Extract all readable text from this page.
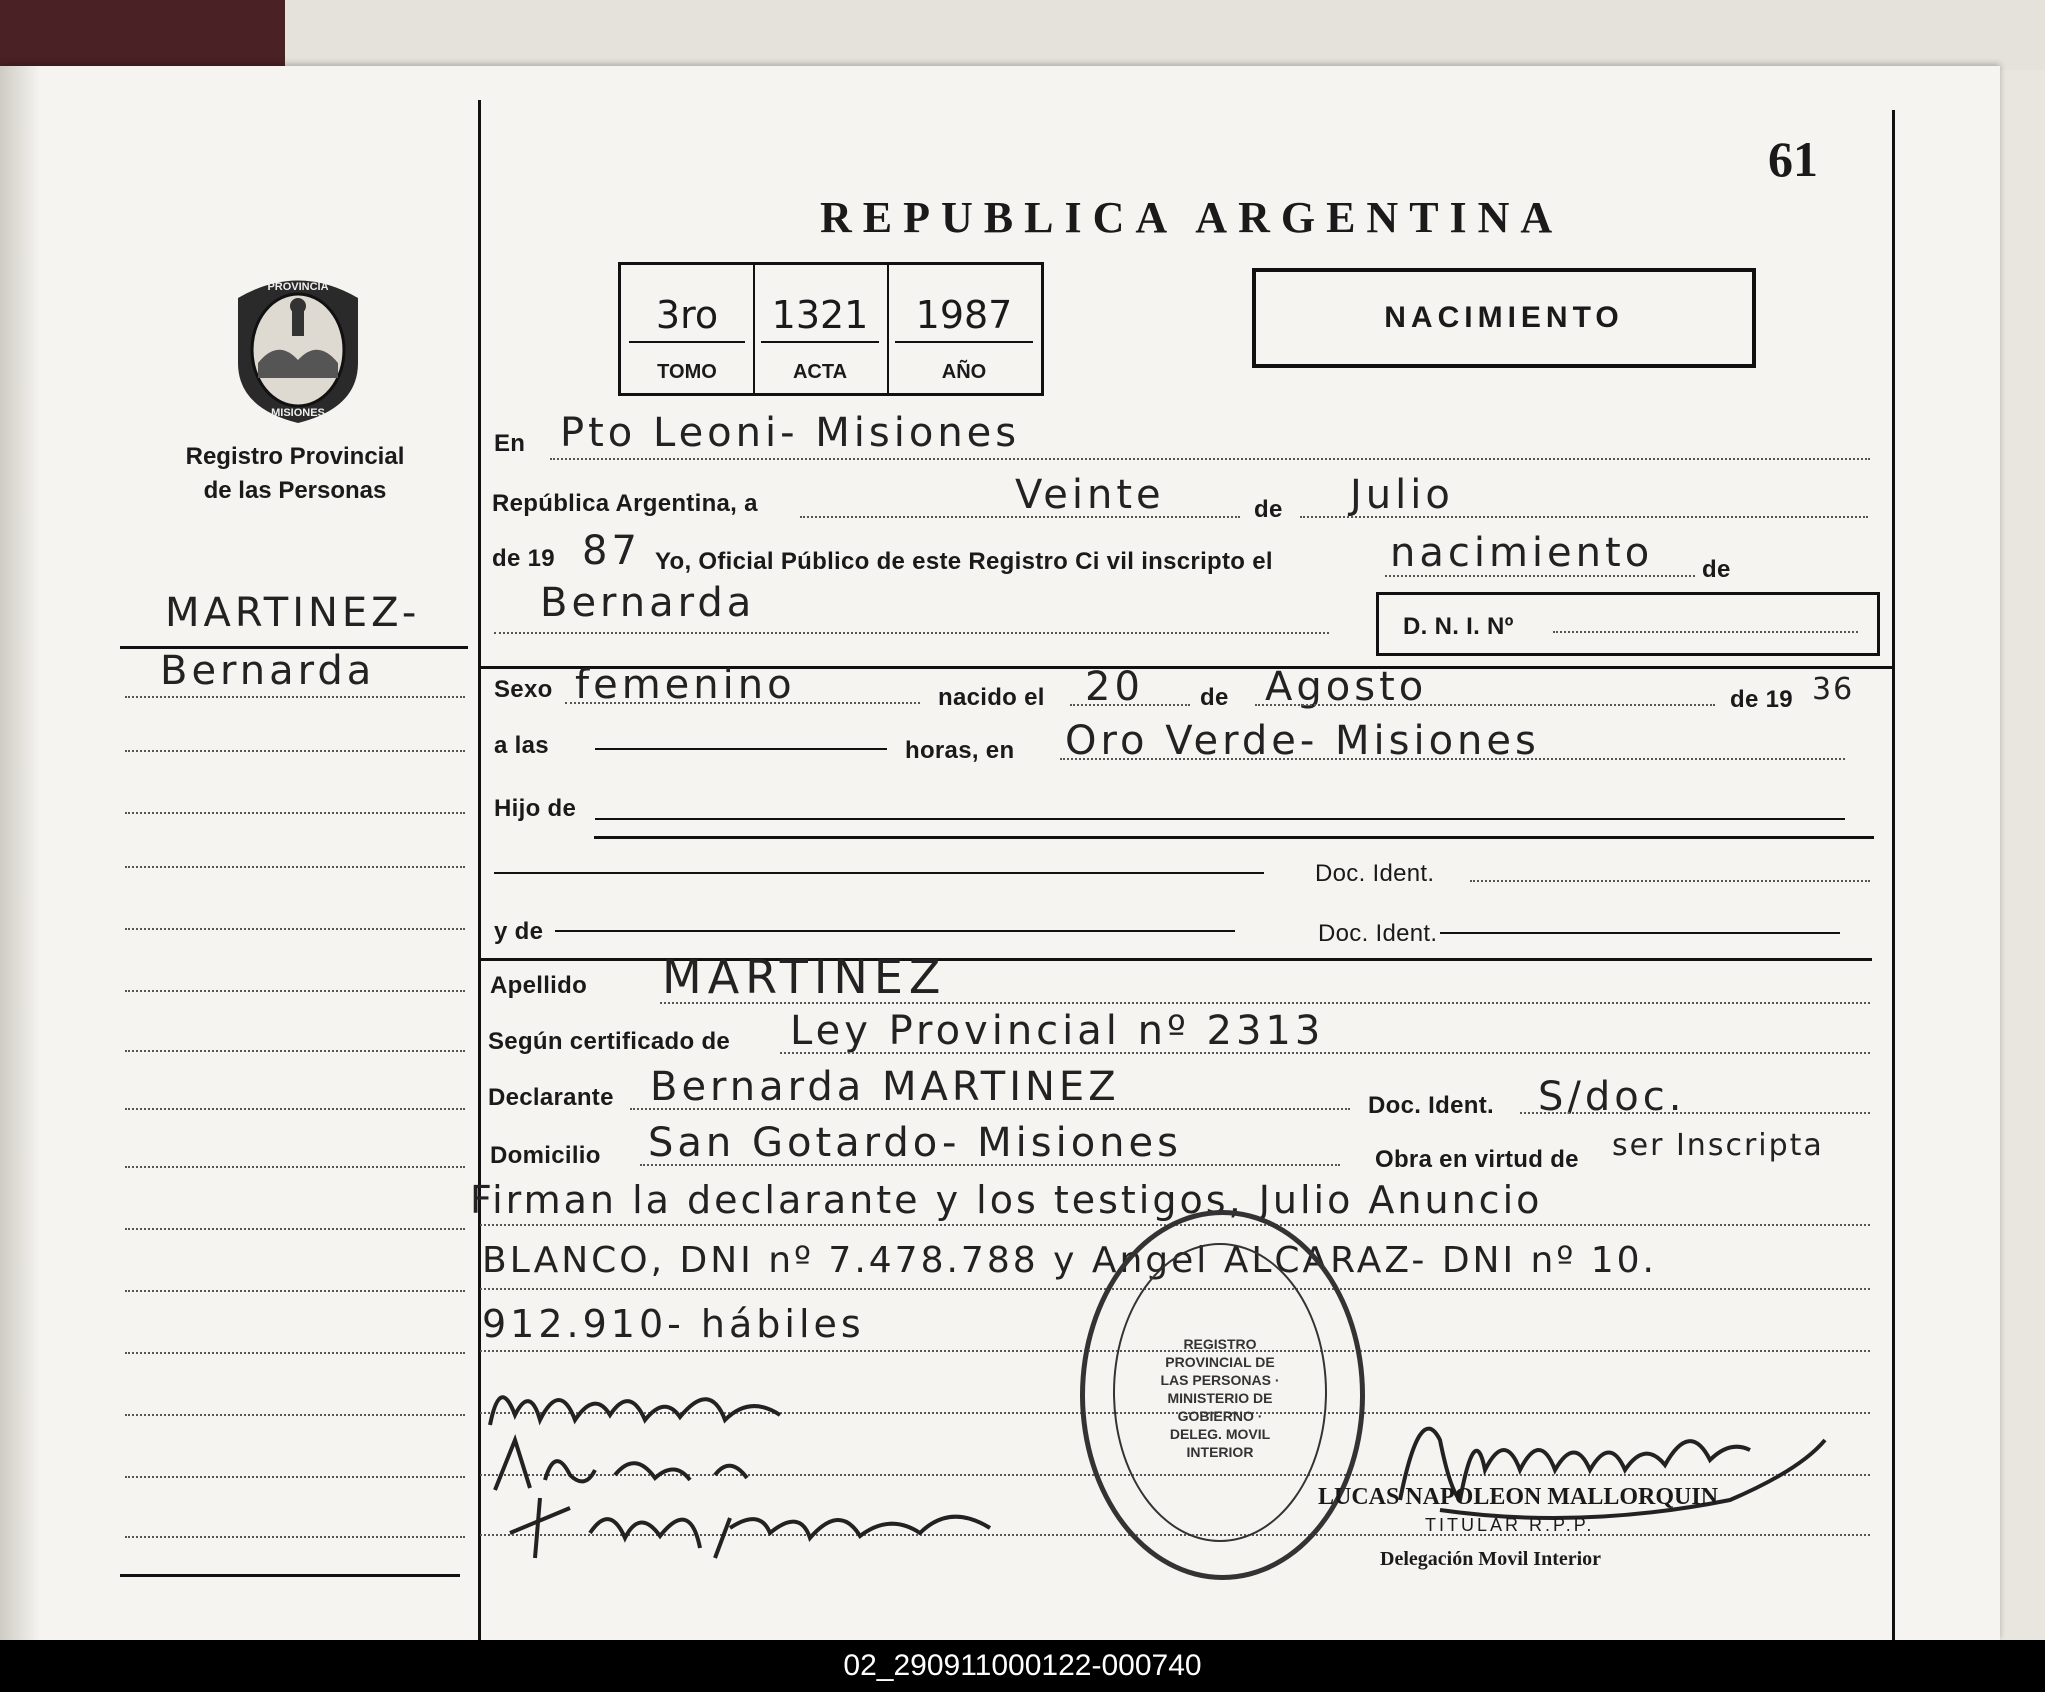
61
REPUBLICA ARGENTINA
3ro
TOMO
1321
ACTA
1987
AÑO
NACIMIENTO
PROVINCIA
MISIONES
Registro Provincial
de las Personas
MARTINEZ-
Bernarda
En Pto Leoni- Misiones
República Argentina, a	Veinte	de Julio
de 19 87 Yo, Oficial Público de este Registro Ci vil inscripto el	nacimiento de
Bernarda
D. N. I. Nº
Sexo femenino	nacido el 20 de Agosto	de 19 36
a las	horas, en Oro Verde- Misiones
Hijo de
Doc. Ident.
y de	Doc. Ident.
Apellido MARTINEZ
Según certificado de Ley Provincial nº 2313
Declarante Bernarda MARTINEZ	Doc. Ident. S/doc.
Domicilio San Gotardo- Misiones	Obra en virtud de ser Inscripta
Firman la declarante y los testigos, Julio Anuncio
BLANCO, DNI nº 7.478.788 y Angel ALCARAZ- DNI nº 10.
912.910- hábiles	REGISTRO PROVINCIAL DE LAS PERSONAS · MINISTERIO DE GOBIERNO · DELEG. MOVIL INTERIOR
LUCAS NAPOLEON MALLORQUIN
TITULAR R.P.P.
Delegación Movil Interior
02_290911000122-000740
